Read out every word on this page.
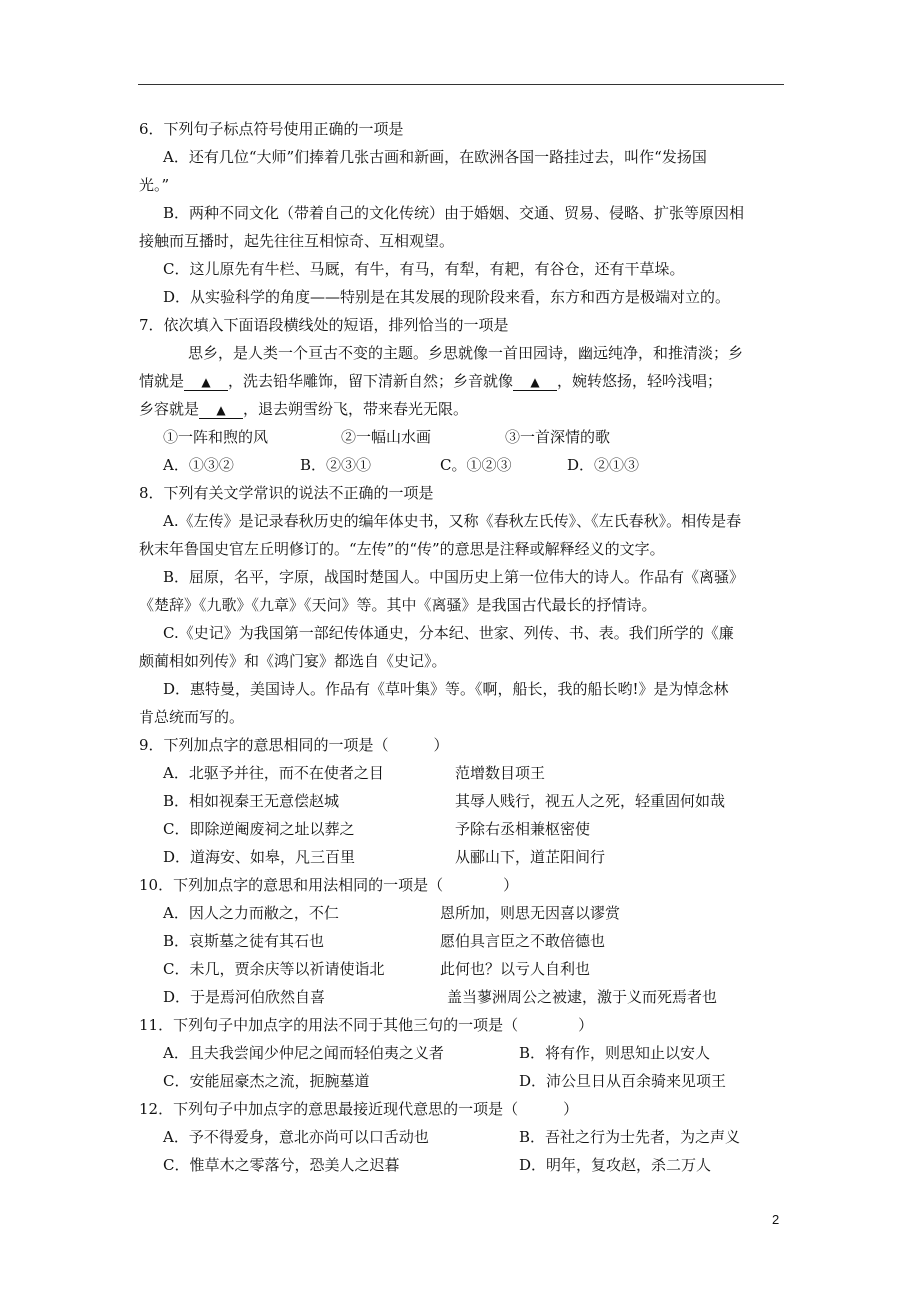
6．下列句子标点符号使用正确的一项是
A．还有几位“大师”们捧着几张古画和新画，在欧洲各国一路挂过去，叫作“发扬国
光。”
B．两种不同文化（带着自己的文化传统）由于婚姻、交通、贸易、侵略、扩张等原因相
接触而互播时，起先往往互相惊奇、互相观望。
C．这儿原先有牛栏、马厩，有牛，有马，有犁，有耙，有谷仓，还有干草垛。
D．从实验科学的角度——特别是在其发展的现阶段来看，东方和西方是极端对立的。
7．依次填入下面语段横线处的短语，排列恰当的一项是
思乡，是人类一个亘古不变的主题。乡思就像一首田园诗，幽远纯净，和推清淡；乡
情就是 ▲ ，洗去铅华雕饰，留下清新自然；乡音就像 ▲ ，婉转悠扬，轻吟浅唱；
乡容就是 ▲ ，退去朔雪纷飞，带来春光无限。
①一阵和煦的风	②一幅山水画	③一首深情的歌
A．①③②	B．②③①	C。①②③	D．②①③
8．下列有关文学常识的说法不正确的一项是
A.《左传》是记录春秋历史的编年体史书，又称《春秋左氏传》、《左氏春秋》。相传是春
秋末年鲁国史官左丘明修订的。“左传”的“传”的意思是注释或解释经义的文字。
B．屈原，名平，字原，战国时楚国人。中国历史上第一位伟大的诗人。作品有《离骚》
《楚辞》《九歌》《九章》《天问》等。其中《离骚》是我国古代最长的抒情诗。
C.《史记》为我国第一部纪传体通史，分本纪、世家、列传、书、表。我们所学的《廉
颇蔺相如列传》和《鸿门宴》都选自《史记》。
D．惠特曼，美国诗人。作品有《草叶集》等。《啊，船长，我的船长哟!》是为悼念林
肯总统而写的。
9．下列加点字的意思相同的一项是（　　　）
A．北驱予并往，而不在使者之目	范增数目项王
B．相如视秦王无意偿赵城	其辱人贱行，视五人之死，轻重固何如哉
C．即除逆阉废祠之址以葬之	予除右丞相兼枢密使
D．道海安、如皋，凡三百里	从郦山下，道芷阳间行
10．下列加点字的意思和用法相同的一项是（　　　　）
A．因人之力而敝之，不仁	恩所加，则思无因喜以谬赏
B．哀斯墓之徒有其石也	愿伯具言臣之不敢倍德也
C．未几，贾余庆等以祈请使诣北	此何也？以亏人自利也
D．于是焉河伯欣然自喜	盖当蓼洲周公之被逮，激于义而死焉者也
11．下列句子中加点字的用法不同于其他三句的一项是（　　　　）
A．且夫我尝闻少仲尼之闻而轻伯夷之义者	B．将有作，则思知止以安人
C．安能屈豪杰之流，扼腕墓道	D．沛公旦日从百余骑来见项王
12．下列句子中加点字的意思最接近现代意思的一项是（　　　）
A．予不得爱身，意北亦尚可以口舌动也	B．吾社之行为士先者，为之声义
C．惟草木之零落兮，恐美人之迟暮	D．明年，复攻赵，杀二万人
2
